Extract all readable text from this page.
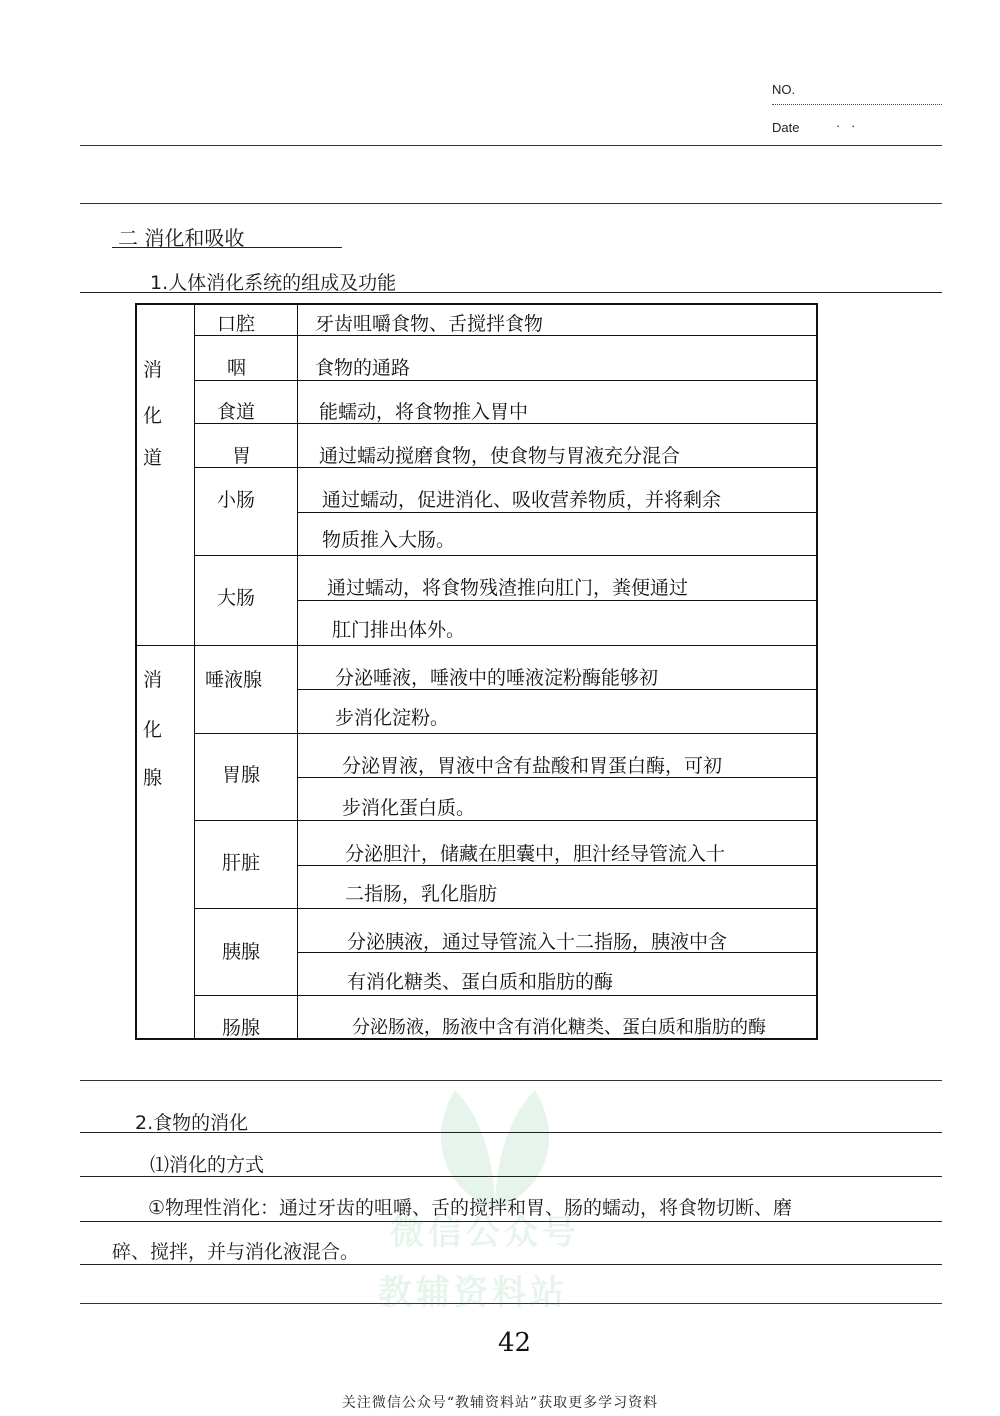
NO.
Date	·   ·
二 消化和吸收
1.人体消化系统的组成及功能
消
化
道
消
化
腺
口腔
咽
食道
胃
小肠
大肠
唾液腺
胃腺
肝脏
胰腺
肠腺
牙齿咀嚼食物、舌搅拌食物
食物的通路
能蠕动，将食物推入胃中
通过蠕动搅磨食物，使食物与胃液充分混合
通过蠕动，促进消化、吸收营养物质，并将剩余
物质推入大肠。
通过蠕动，将食物残渣推向肛门，粪便通过
肛门排出体外。
分泌唾液，唾液中的唾液淀粉酶能够初
步消化淀粉。
分泌胃液，胃液中含有盐酸和胃蛋白酶，可初
步消化蛋白质。
分泌胆汁，储藏在胆囊中，胆汁经导管流入十
二指肠，乳化脂肪
分泌胰液，通过导管流入十二指肠，胰液中含
有消化糖类、蛋白质和脂肪的酶
分泌肠液，肠液中含有消化糖类、蛋白质和脂肪的酶
微信公众号
教辅资料站
2.食物的消化
⑴消化的方式
①物理性消化：通过牙齿的咀嚼、舌的搅拌和胃、肠的蠕动，将食物切断、磨
碎、搅拌，并与消化液混合。
42
关注微信公众号“教辅资料站”获取更多学习资料
